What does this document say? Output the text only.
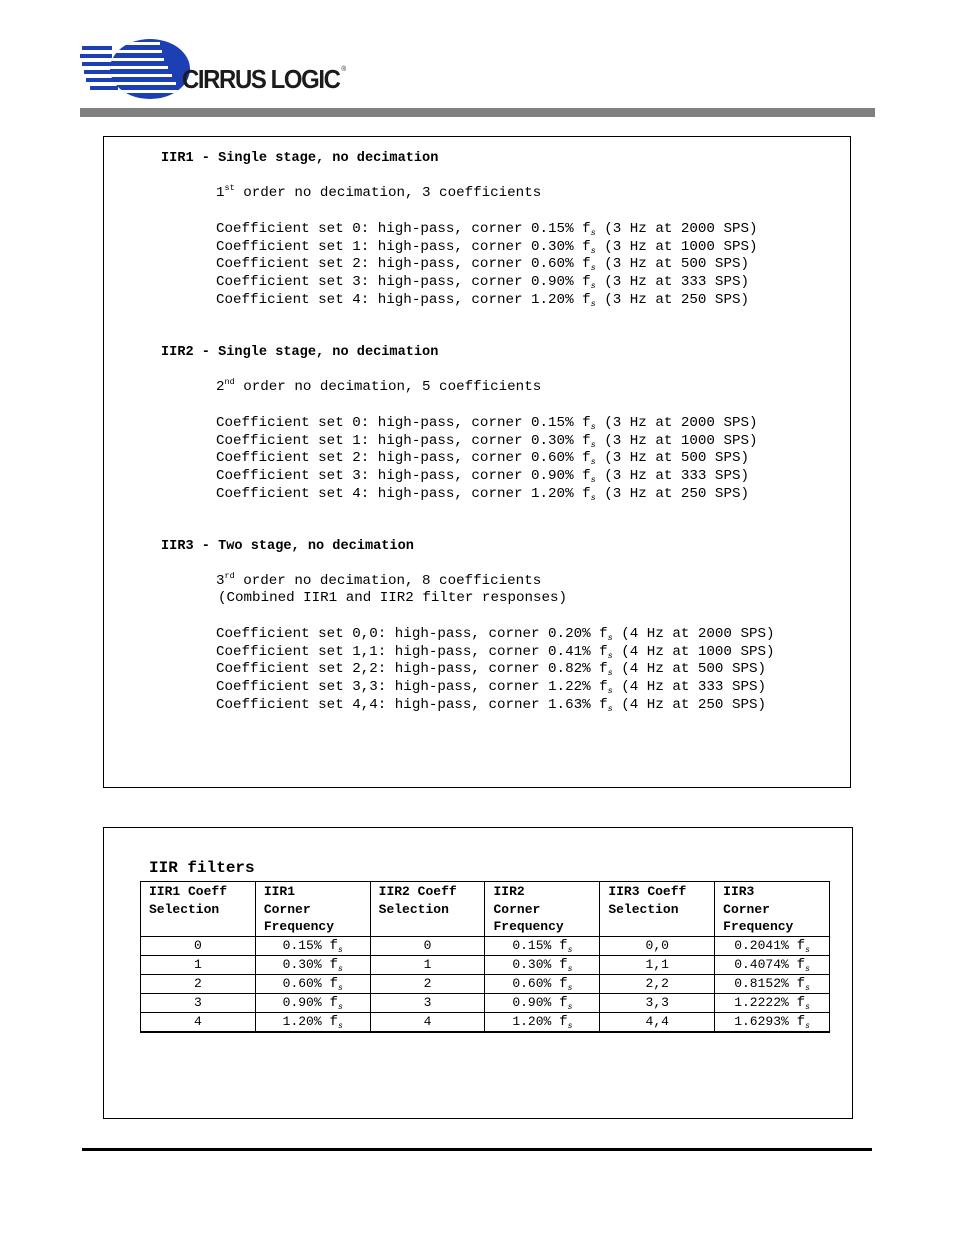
CIRRUS LOGIC ®
IIR1 - Single stage, no decimation
1st order no decimation, 3 coefficients
Coefficient set 0: high-pass, corner 0.15% $f_s$ (3 Hz at 2000 SPS)
Coefficient set 1: high-pass, corner 0.30% $f_s$ (3 Hz at 1000 SPS)
Coefficient set 2: high-pass, corner 0.60% $f_s$ (3 Hz at 500 SPS)
Coefficient set 3: high-pass, corner 0.90% $f_s$ (3 Hz at 333 SPS)
Coefficient set 4: high-pass, corner 1.20% $f_s$ (3 Hz at 250 SPS)
IIR2 - Single stage, no decimation
2nd order no decimation, 5 coefficients
Coefficient set 0: high-pass, corner 0.15% $f_s$ (3 Hz at 2000 SPS)
Coefficient set 1: high-pass, corner 0.30% $f_s$ (3 Hz at 1000 SPS)
Coefficient set 2: high-pass, corner 0.60% $f_s$ (3 Hz at 500 SPS)
Coefficient set 3: high-pass, corner 0.90% $f_s$ (3 Hz at 333 SPS)
Coefficient set 4: high-pass, corner 1.20% $f_s$ (3 Hz at 250 SPS)
IIR3 - Two stage, no decimation
3rd order no decimation, 8 coefficients
(Combined IIR1 and IIR2 filter responses)
Coefficient set 0,0: high-pass, corner 0.20% $f_s$ (4 Hz at 2000 SPS)
Coefficient set 1,1: high-pass, corner 0.41% $f_s$ (4 Hz at 1000 SPS)
Coefficient set 2,2: high-pass, corner 0.82% $f_s$ (4 Hz at 500 SPS)
Coefficient set 3,3: high-pass, corner 1.22% $f_s$ (4 Hz at 333 SPS)
Coefficient set 4,4: high-pass, corner 1.63% $f_s$ (4 Hz at 250 SPS)
IIR filters
IIR1 Coeff
Selection	IIR1
Corner
Frequency	IIR2 Coeff
Selection	IIR2
Corner
Frequency	IIR3 Coeff
Selection	IIR3
Corner
Frequency
0	0.15% $f_s$	0	0.15% $f_s$	0,0	0.2041% $f_s$
1	0.30% $f_s$	1	0.30% $f_s$	1,1	0.4074% $f_s$
2	0.60% $f_s$	2	0.60% $f_s$	2,2	0.8152% $f_s$
3	0.90% $f_s$	3	0.90% $f_s$	3,3	1.2222% $f_s$
4	1.20% $f_s$	4	1.20% $f_s$	4,4	1.6293% $f_s$
